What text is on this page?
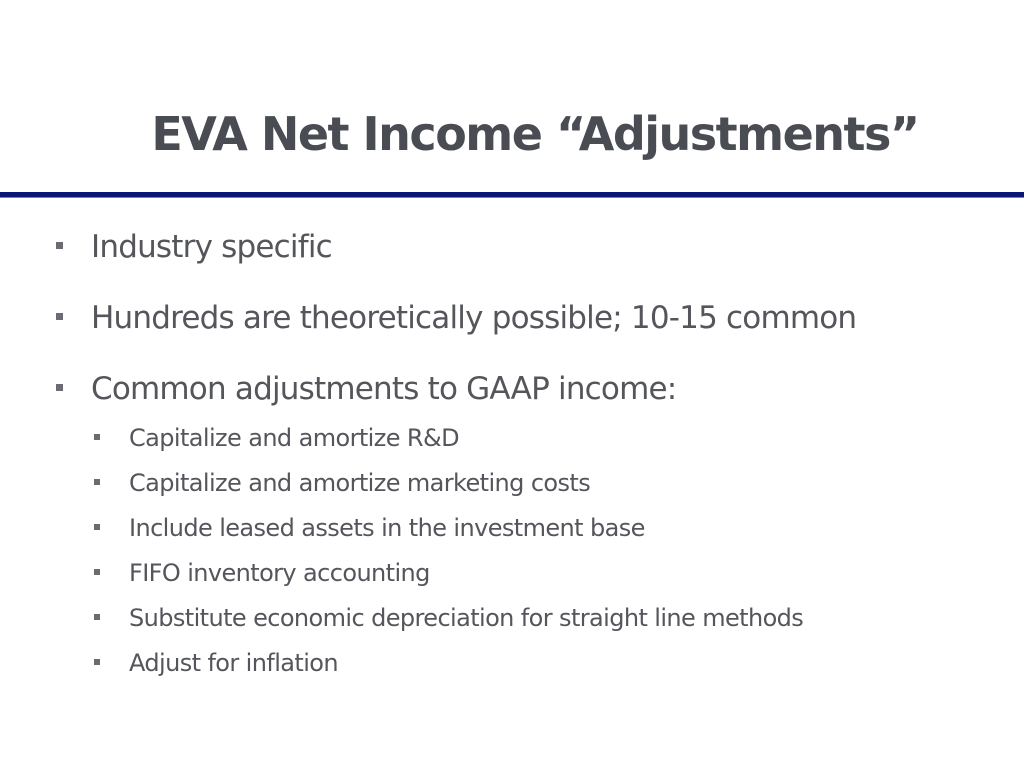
EVA Net Income “Adjustments”
Industry specific
Hundreds are theoretically possible; 10-15 common
Common adjustments to GAAP income:
Capitalize and amortize R&D
Capitalize and amortize marketing costs
Include leased assets in the investment base
FIFO inventory accounting
Substitute economic depreciation for straight line methods
Adjust for inflation
